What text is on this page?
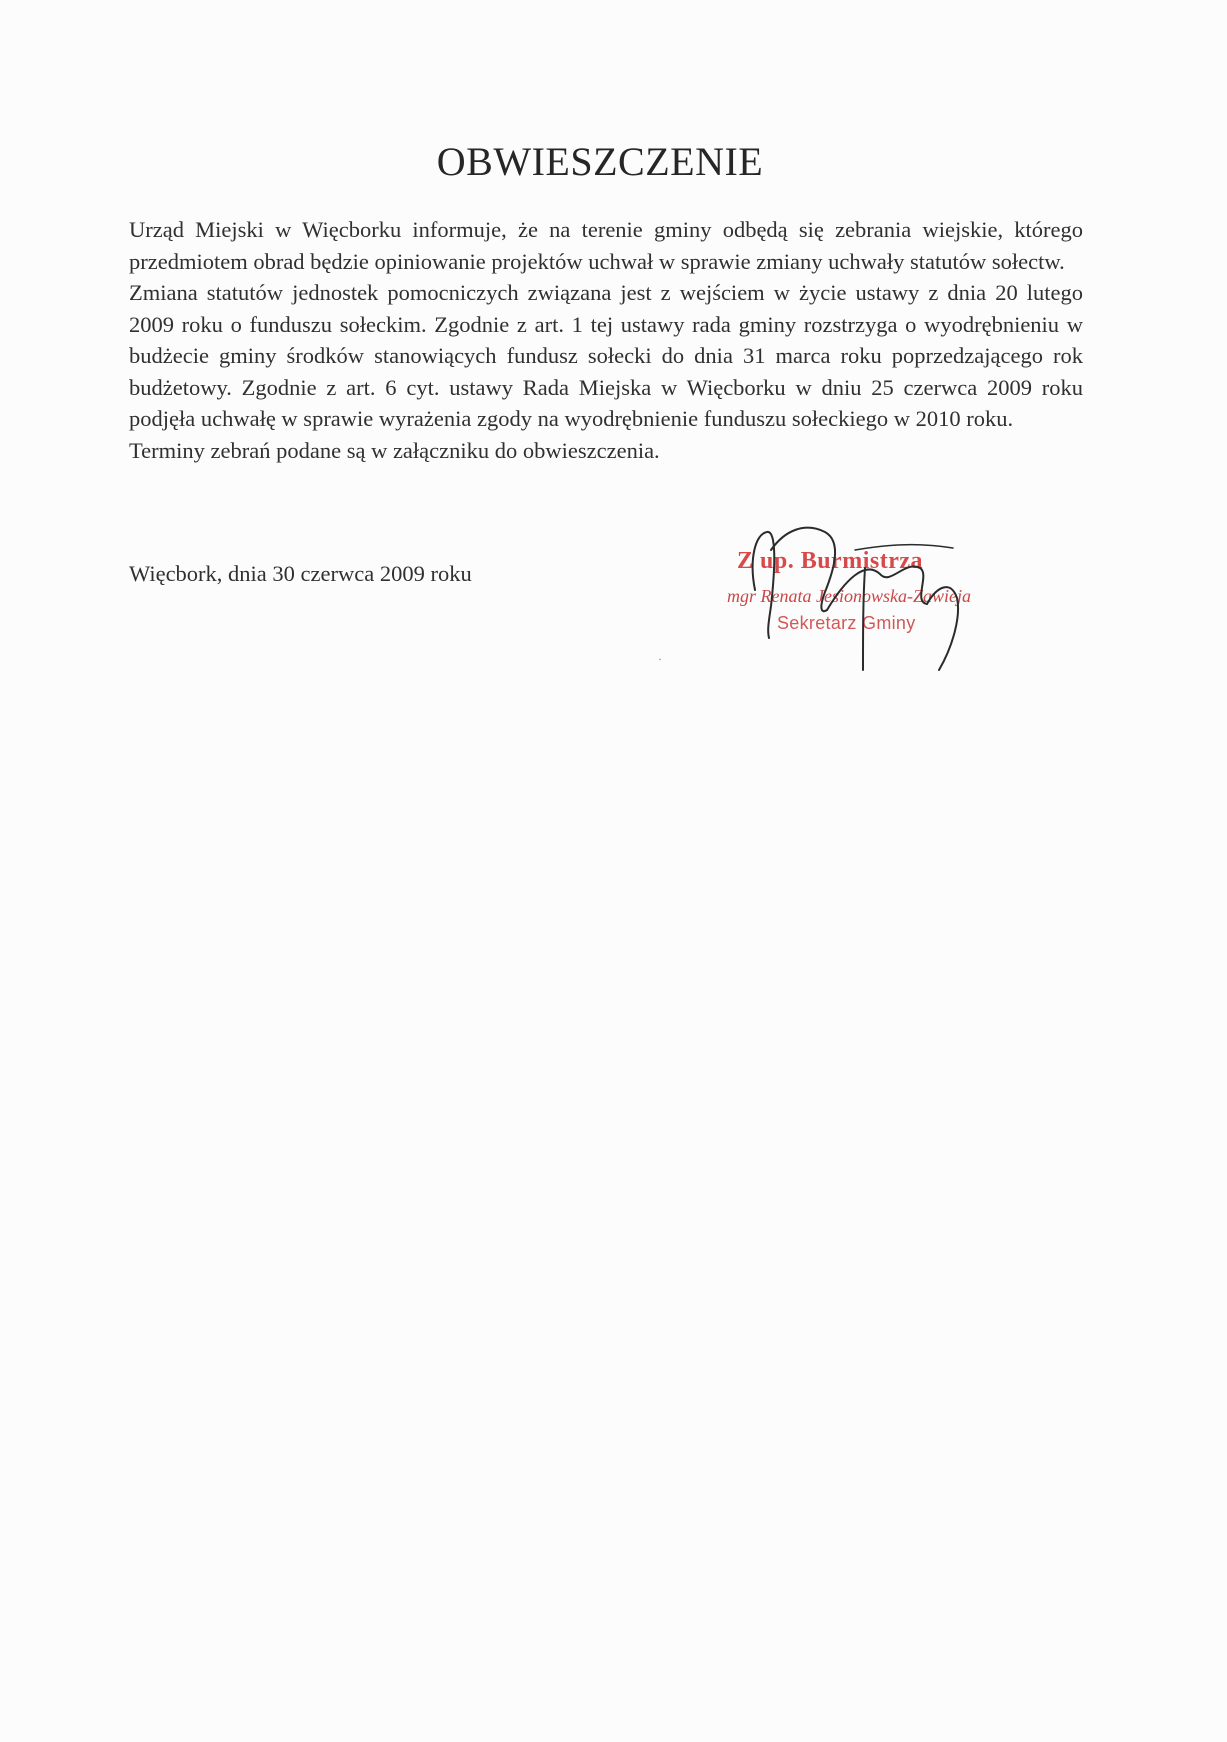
OBWIESZCZENIE

Urząd Miejski w Więcborku informuje, że na terenie gminy odbędą się zebrania wiejskie, którego przedmiotem obrad będzie opiniowanie projektów uchwał w sprawie zmiany uchwały statutów sołectw.

Zmiana statutów jednostek pomocniczych związana jest z wejściem w życie ustawy z dnia 20 lutego 2009 roku o funduszu sołeckim. Zgodnie z art. 1 tej ustawy rada gminy rozstrzyga o wyodrębnieniu w budżecie gminy środków stanowiących fundusz sołecki do dnia 31 marca roku poprzedzającego rok budżetowy. Zgodnie z art. 6 cyt. ustawy Rada Miejska w Więcborku w dniu 25 czerwca 2009 roku podjęła uchwałę w sprawie wyrażenia zgody na wyodrębnienie funduszu sołeckiego w 2010 roku.

Terminy zebrań podane są w załączniku do obwieszczenia.

Więcbork, dnia 30 czerwca 2009 roku	Z up. Burmistrza
mgr Renata Jesionowska-Zawieja
Sekretarz Gminy
·
